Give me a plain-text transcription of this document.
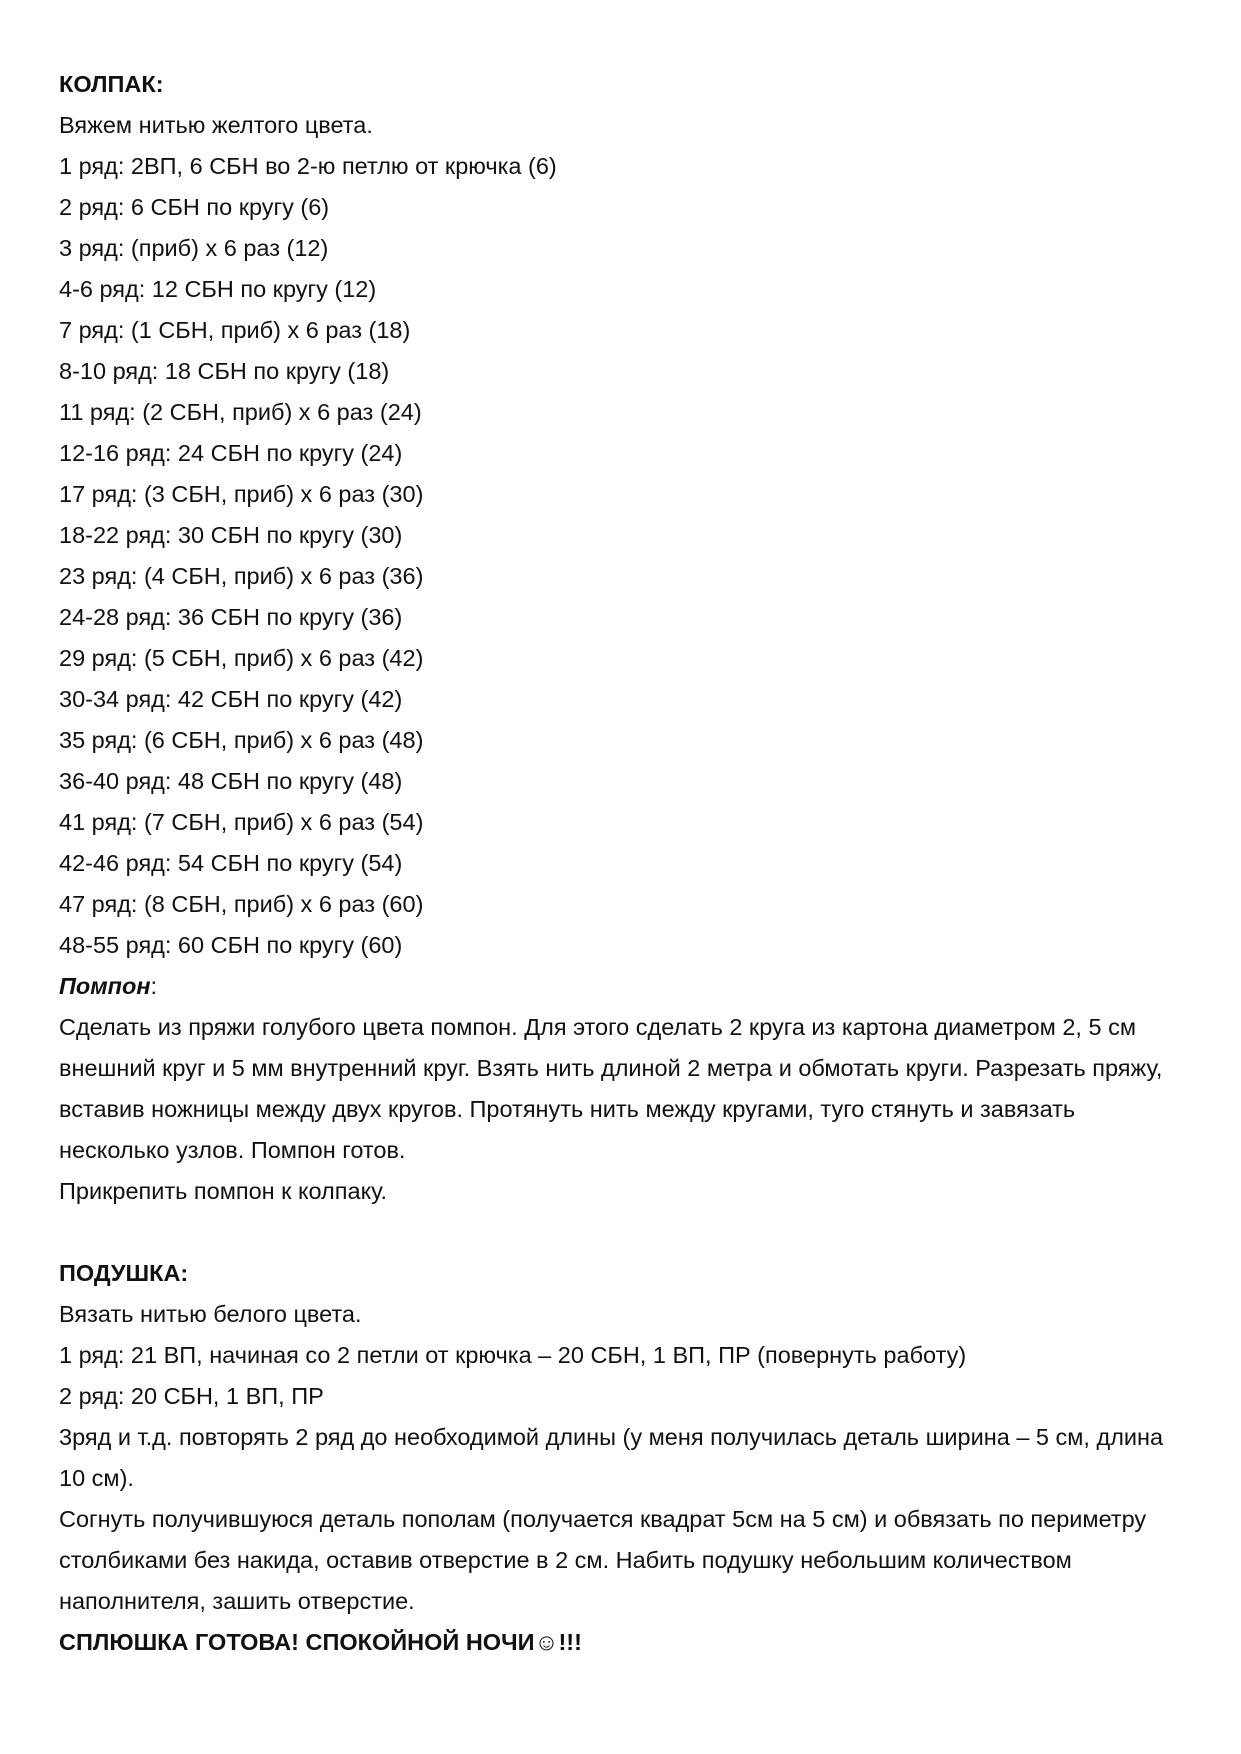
КОЛПАК:

Вяжем нитью желтого цвета.

1 ряд: 2ВП, 6 СБН во 2-ю петлю от крючка (6)

2 ряд: 6 СБН по кругу (6)

3 ряд: (приб) х 6 раз (12)

4-6 ряд: 12 СБН по кругу (12)

7 ряд: (1 СБН, приб) х 6 раз (18)

8-10 ряд: 18 СБН по кругу (18)

11 ряд: (2 СБН, приб) х 6 раз (24)

12-16 ряд: 24 СБН по кругу (24)

17 ряд: (3 СБН, приб) х 6 раз (30)

18-22 ряд: 30 СБН по кругу (30)

23 ряд: (4 СБН, приб) х 6 раз (36)

24-28 ряд: 36 СБН по кругу (36)

29 ряд: (5 СБН, приб) х 6 раз (42)

30-34 ряд: 42 СБН по кругу (42)

35 ряд: (6 СБН, приб) х 6 раз (48)

36-40 ряд: 48 СБН по кругу (48)

41 ряд: (7 СБН, приб) х 6 раз (54)

42-46 ряд: 54 СБН по кругу (54)

47 ряд: (8 СБН, приб) х 6 раз (60)

48-55 ряд: 60 СБН по кругу (60)

Помпон:

Сделать из пряжи голубого цвета помпон. Для этого сделать 2 круга из картона диаметром 2, 5 см внешний круг и 5 мм внутренний круг. Взять нить длиной 2 метра и обмотать круги. Разрезать пряжу, вставив ножницы между двух кругов. Протянуть нить между кругами, туго стянуть и завязать несколько узлов. Помпон готов.

Прикрепить помпон к колпаку.

ПОДУШКА:

Вязать нитью белого цвета.

1 ряд: 21 ВП, начиная со 2 петли от крючка – 20 СБН, 1 ВП, ПР (повернуть работу)

2 ряд: 20 СБН, 1 ВП, ПР

3ряд и т.д. повторять 2 ряд до необходимой длины (у меня получилась деталь ширина – 5 см, длина 10 см).

Согнуть получившуюся деталь пополам (получается квадрат 5см на 5 см) и обвязать по периметру столбиками без накида, оставив отверстие в 2 см. Набить подушку небольшим количеством наполнителя, зашить отверстие.

СПЛЮШКА ГОТОВА! СПОКОЙНОЙ НОЧИ☺!!!
